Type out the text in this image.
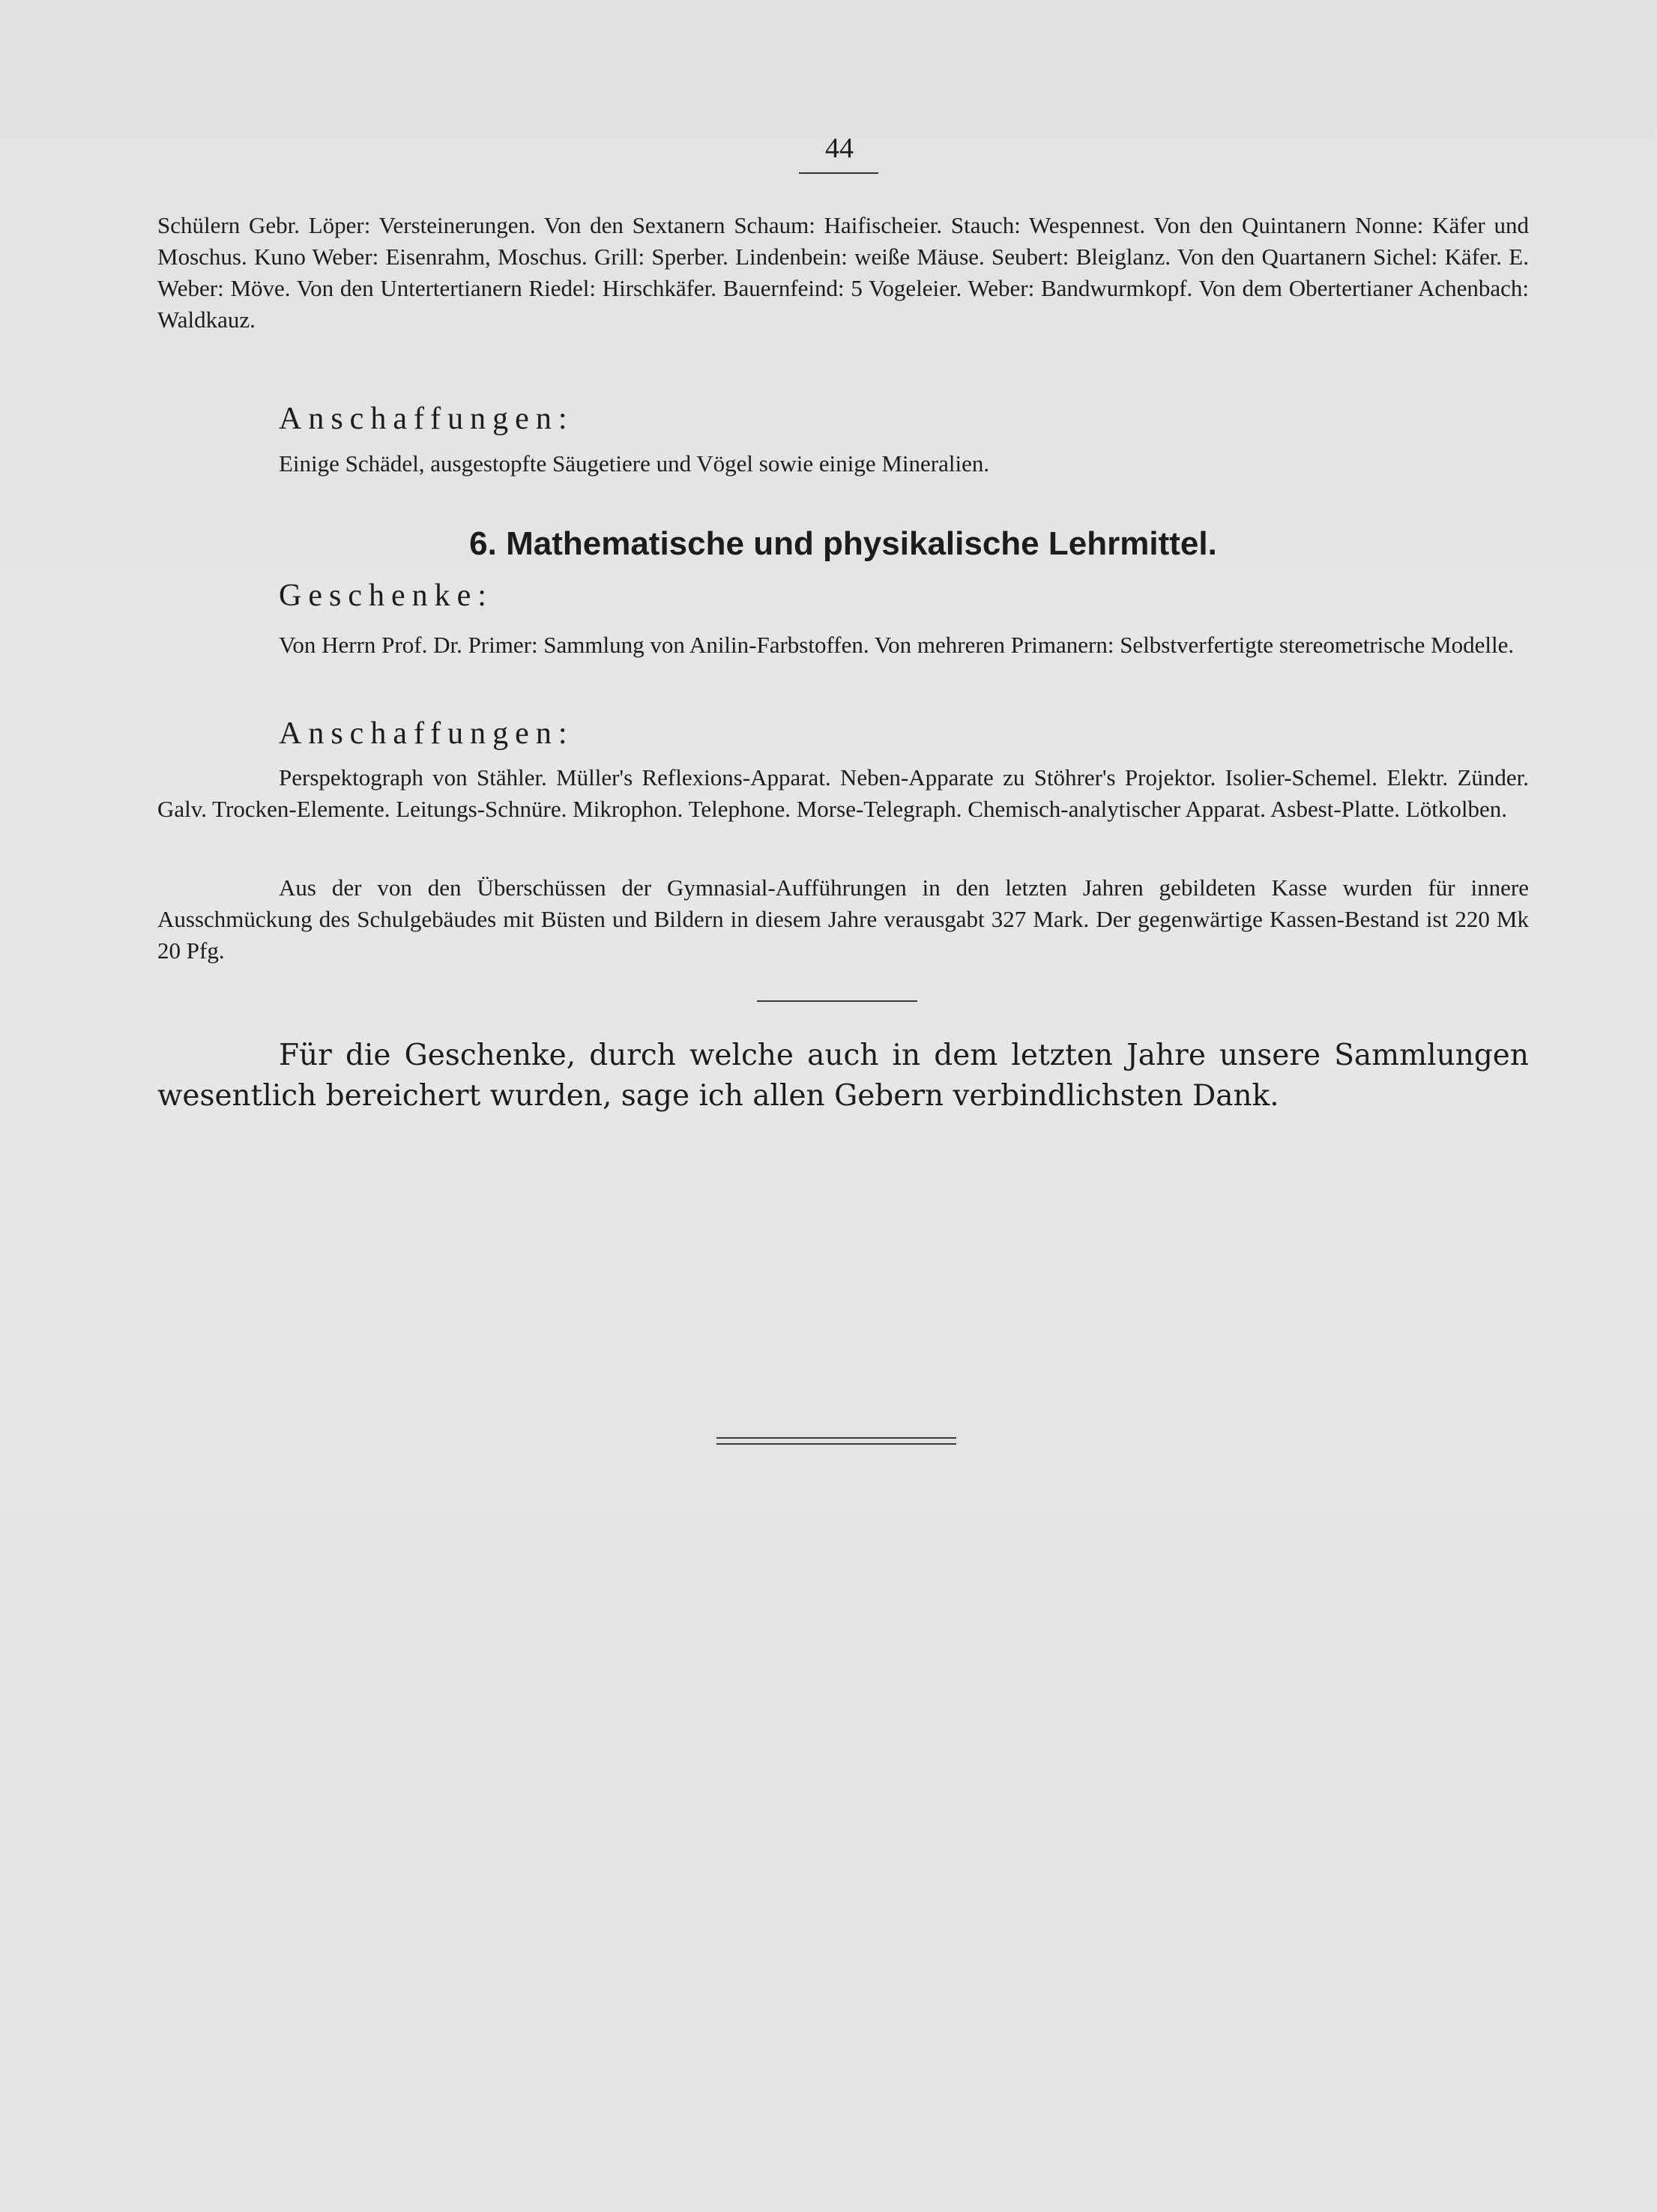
44

Schülern Gebr. Löper: Versteinerungen. Von den Sextanern Schaum: Haifischeier. Stauch: Wespennest. Von den Quintanern Nonne: Käfer und Moschus. Kuno Weber: Eisenrahm, Moschus. Grill: Sperber. Lindenbein: weiße Mäuse. Seubert: Bleiglanz. Von den Quartanern Sichel: Käfer. E. Weber: Möve. Von den Untertertianern Riedel: Hirschkäfer. Bauernfeind: 5 Vogeleier. Weber: Bandwurmkopf. Von dem Obertertianer Achenbach: Waldkauz.

Anschaffungen:

Einige Schädel, ausgestopfte Säugetiere und Vögel sowie einige Mineralien.

6. Mathematische und physikalische Lehrmittel.
Geschenke:

Von Herrn Prof. Dr. Primer: Sammlung von Anilin-Farbstoffen. Von mehreren Primanern: Selbstverfertigte stereometrische Modelle.

Anschaffungen:

Perspektograph von Stähler. Müller's Reflexions-Apparat. Neben-Apparate zu Stöhrer's Projektor. Isolier-Schemel. Elektr. Zünder. Galv. Trocken-Elemente. Leitungs-Schnüre. Mikrophon. Telephone. Morse-Telegraph. Chemisch-analytischer Apparat. Asbest-Platte. Lötkolben.

Aus der von den Überschüssen der Gymnasial-Aufführungen in den letzten Jahren gebildeten Kasse wurden für innere Ausschmückung des Schulgebäudes mit Büsten und Bildern in diesem Jahre verausgabt 327 Mark. Der gegenwärtige Kassen-Bestand ist 220 Mk 20 Pfg.

Für die Geschenke, durch welche auch in dem letzten Jahre unsere Sammlungen wesentlich bereichert wurden, sage ich allen Gebern verbindlichsten Dank.
